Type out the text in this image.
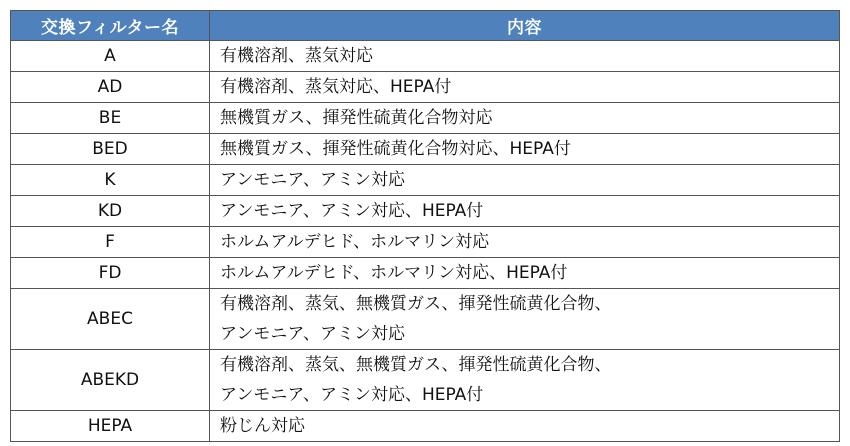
交換フィルター名	内容
A	有機溶剤、蒸気対応

AD	有機溶剤、蒸気対応、HEPA付

BE	無機質ガス、揮発性硫黄化合物対応

BED	無機質ガス、揮発性硫黄化合物対応、HEPA付

K	アンモニア、アミン対応

KD	アンモニア、アミン対応、HEPA付

F	ホルムアルデヒド、ホルマリン対応

FD	ホルムアルデヒド、ホルマリン対応、HEPA付

ABEC	有機溶剤、蒸気、無機質ガス、揮発性硫黄化合物、
アンモニア、アミン対応

ABEKD	有機溶剤、蒸気、無機質ガス、揮発性硫黄化合物、
アンモニア、アミン対応、HEPA付

HEPA	粉じん対応
